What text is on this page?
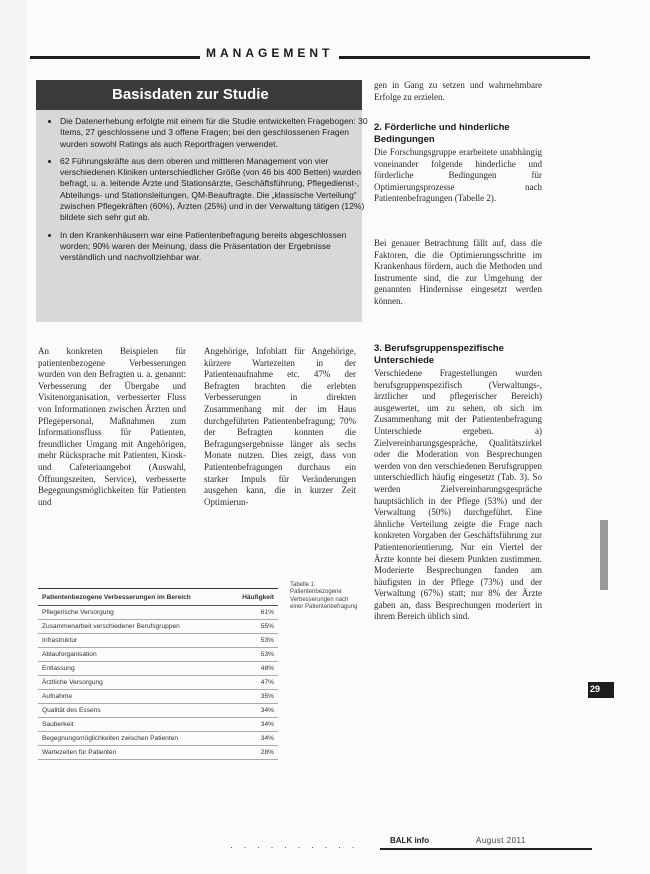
MANAGEMENT
Basisdaten zur Studie
• Die Datenerhebung erfolgte mit einem für die Studie entwickelten Fragebogen: 30 Items, 27 geschlossene und 3 offene Fragen; bei den geschlossenen Fragen wurden sowohl Ratings als auch Reportfragen verwendet.
• 62 Führungskräfte aus dem oberen und mittleren Management von vier verschiedenen Kliniken unterschiedlicher Größe (von 46 bis 400 Betten) wurden befragt, u. a. leitende Ärzte und Stationsärzte, Geschäftsführung, Pflegedienst-, Abteilungs- und Stationsleitungen, QM-Beauftragte. Die „klassische Verteilung“ zwischen Pflegekräften (60%), Ärzten (25%) und in der Verwaltung tätigen (12%) bildete sich sehr gut ab.
• In den Krankenhäusern war eine Patientenbefragung bereits abgeschlossen worden; 90% waren der Meinung, dass die Präsentation der Ergebnisse verständlich und nachvollziehbar war.

An konkreten Beispielen für patientenbezogene Verbesserungen wurden von den Befragten u. a. genannt: Verbesserung der Übergabe und Visitenorganisation, verbesserter Fluss von Informationen zwischen Ärzten und Pflegepersonal, Maßnahmen zum Informationsfluss für Patienten, freundlicher Umgang mit Angehörigen, mehr Rücksprache mit Patienten, Kiosk- und Cafeteriaangebot (Auswahl, Öffnungszeiten, Service), verbesserte Begegnungsmöglichkeiten für Patienten und

Angehörige, Infoblatt für Angehörige, kürzere Wartezeiten in der Patientenaufnahme etc. 47% der Befragten brachten die erlebten Verbesserungen in direkten Zusammenhang mit der im Haus durchgeführten Patientenbefragung; 70% der Befragten konnten die Befragungsergebnisse länger als sechs Monate nutzen. Dies zeigt, dass von Patientenbefragungen durchaus ein starker Impuls für Veränderungen ausgehen kann, die in kurzer Zeit Optimierun-

gen in Gang zu setzen und wahrnehmbare Erfolge zu erzielen.

2. Förderliche und hinderliche Bedingungen

Die Forschungsgruppe erarbeitete unabhängig voneinander folgende hinderliche und förderliche Bedingungen für Optimierungsprozesse nach Patientenbefragungen (Tabelle 2).

Bei genauer Betrachtung fällt auf, dass die Faktoren, die die Optimierungsschritte im Krankenhaus fördern, auch die Methoden und Instrumente sind, die zur Umgehung der genannten Hindernisse eingesetzt werden können.

3. Berufsgruppenspezifische Unterschiede

Verschiedene Fragestellungen wurden berufsgruppenspezifisch (Verwaltungs-, ärztlicher und pflegerischer Bereich) ausgewertet, um zu sehen, ob sich im Zusammenhang mit der Patientenbefragung Unterschiede ergeben. a) Zielvereinbarungsgespräche, Qualitätszirkel oder die Moderation von Besprechungen werden von den verschiedenen Berufsgruppen unterschiedlich häufig eingesetzt (Tab. 3). So werden Zielvereinbarungsgespräche hauptsächlich in der Pflege (53%) und der Verwaltung (50%) durchgeführt. Eine ähnliche Verteilung zeigte die Frage nach konkreten Vorgaben der Geschäftsführung zur Patientenorientierung. Nur ein Viertel der Ärzte konnte bei diesem Punkten zustimmen. Moderierte Besprechungen fanden am häufigsten in der Pflege (73%) und der Verwaltung (67%) statt; nur 8% der Ärzte gaben an, dass Besprechungen moderiert in ihrem Bereich üblich sind.

Patientenbezogene Verbesserungen im Bereich	Häufigkeit
Pflegerische Versorgung	61%
Zusammenarbeit verschiedener Berufsgruppen	55%
Infrastruktur	53%
Ablauforganisation	53%
Entlassung	48%
Ärztliche Versorgung	47%
Aufnahme	35%
Qualität des Essens	34%
Sauberkeit	34%
Begegnungsmöglichkeiten zwischen Patienten	34%
Wartezeiten für Patienten	28%
Tabelle 1: Patientenbezogene Verbesserungen nach einer Patientenbefragung
29
· · · · · · · · · ·
BALK info	August 2011
